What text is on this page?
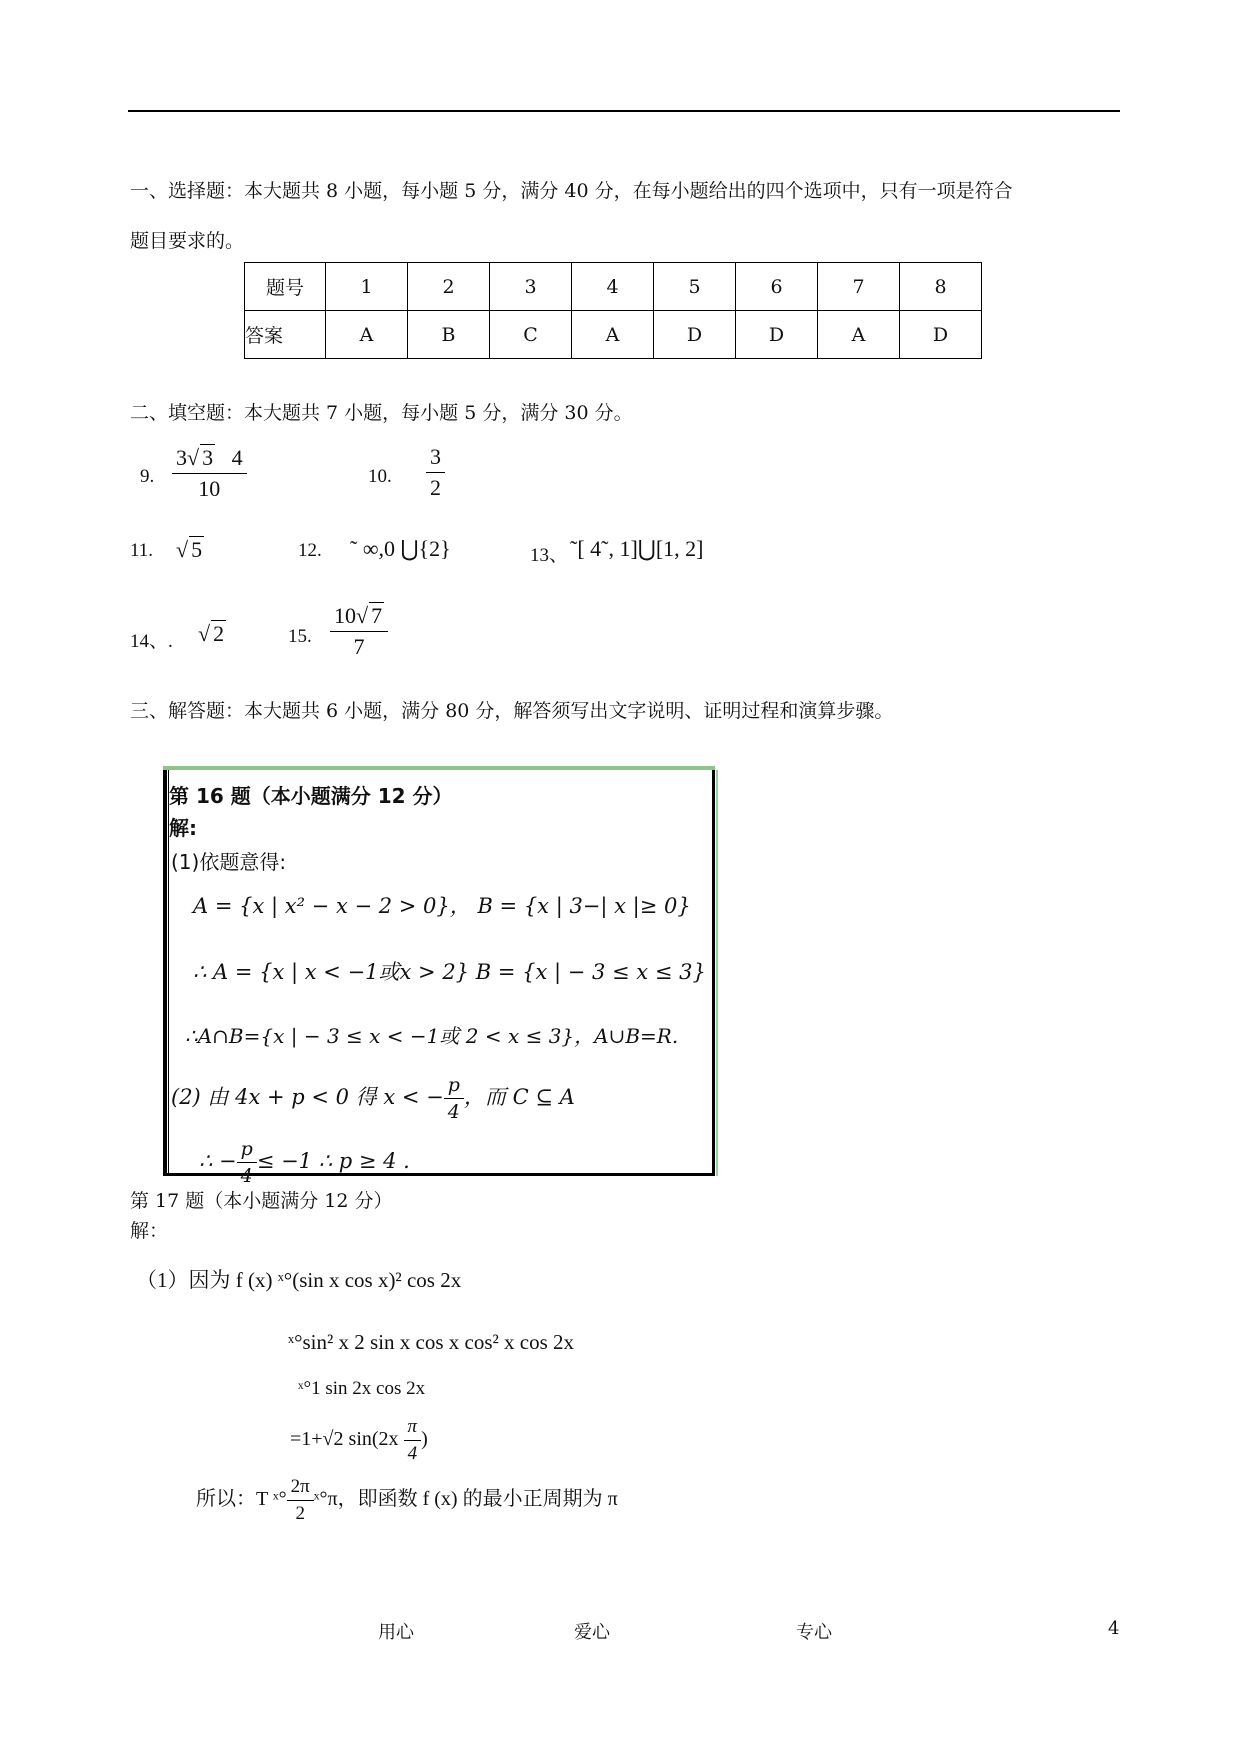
一、选择题：本大题共 8 小题，每小题 5 分，满分 40 分，在每小题给出的四个选项中，只有一项是符合
题目要求的。
题号	1	2	3	4	5	6	7	8
答案	A	B	C	A	D	D	A	D
二、填空题：本大题共 7 小题，每小题 5 分，满分 30 分。
9. $\frac{3√ 3 4}{10}$	10. $\frac{3}{2}$
11. √ 5	12. ˜ ∞,0 ⋃{2}	13、 ˜[ 4˜, 1]⋃[1, 2]
14、. √ 2	15. $\frac{10√ 7}{7}$
三、解答题：本大题共 6 小题，满分 80 分，解答须写出文字说明、证明过程和演算步骤。
第 16 题（本小题满分 12 分）
解:
(1)依题意得:
A = {x | x² − x − 2 > 0}， B = {x | 3−| x |≥ 0}
∴ A = {x | x < −1或x > 2} B = {x | − 3 ≤ x ≤ 3}
∴A∩B={x | − 3 ≤ x < −1或 2 < x ≤ 3}，A∪B=R.
(2) 由 4x + p < 0 得 x < − $\frac{p}{4}$ ，而 C ⊆ A
∴ − $\frac{p}{4} \le -1$ ∴ p ≥ 4 .
第 17 题（本小题满分 12 分）
解：
（1）因为 f (x) ˣ°(sin x cos x)² cos 2x
ˣ°sin² x 2 sin x cos x cos² x cos 2x
ˣ°1 sin 2x cos 2x
=1+√2 $\sin(2x \frac{\pi}{4}$ )
所以：T ˣ° $\frac{2\pi}{2}$ ˣ°π，即函数 f (x) 的最小正周期为 π
用心	爱心	专心	4
